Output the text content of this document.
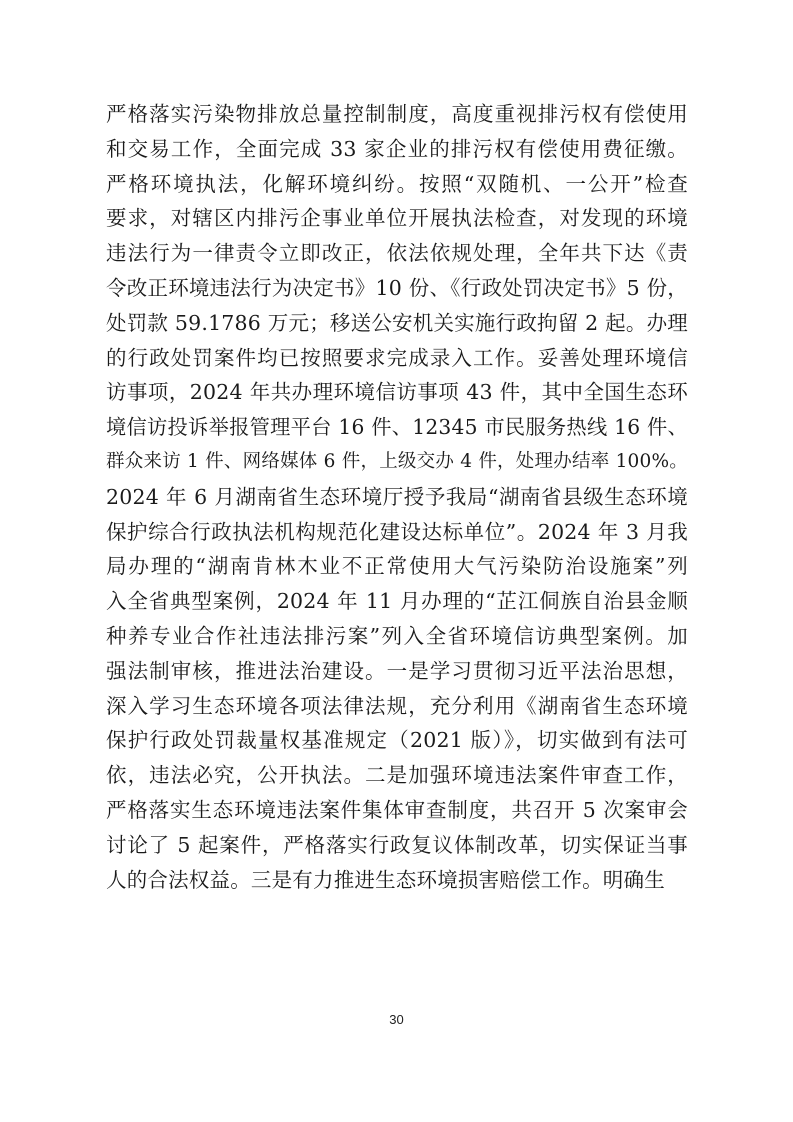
严格落实污染物排放总量控制制度，高度重视排污权有偿使用
和交易工作，全面完成 33 家企业的排污权有偿使用费征缴。
严格环境执法，化解环境纠纷。按照“双随机、一公开”检查
要求，对辖区内排污企事业单位开展执法检查，对发现的环境
违法行为一律责令立即改正，依法依规处理，全年共下达《责
令改正环境违法行为决定书》10 份、《行政处罚决定书》5 份，
处罚款 59.1786 万元；移送公安机关实施行政拘留 2 起。办理
的行政处罚案件均已按照要求完成录入工作。妥善处理环境信
访事项，2024 年共办理环境信访事项 43 件，其中全国生态环
境信访投诉举报管理平台 16 件、12345 市民服务热线 16 件、
群众来访 1 件、网络媒体 6 件，上级交办 4 件，处理办结率 100%。
2024 年 6 月湖南省生态环境厅授予我局“湖南省县级生态环境
保护综合行政执法机构规范化建设达标单位”。2024 年 3 月我
局办理的“湖南肯林木业不正常使用大气污染防治设施案”列
入全省典型案例，2024 年 11 月办理的“芷江侗族自治县金顺
种养专业合作社违法排污案”列入全省环境信访典型案例。加
强法制审核，推进法治建设。一是学习贯彻习近平法治思想，
深入学习生态环境各项法律法规，充分利用《湖南省生态环境
保护行政处罚裁量权基准规定（2021 版）》，切实做到有法可
依，违法必究，公开执法。二是加强环境违法案件审查工作，
严格落实生态环境违法案件集体审查制度，共召开 5 次案审会
讨论了 5 起案件，严格落实行政复议体制改革，切实保证当事
人的合法权益。三是有力推进生态环境损害赔偿工作。明确生
30
